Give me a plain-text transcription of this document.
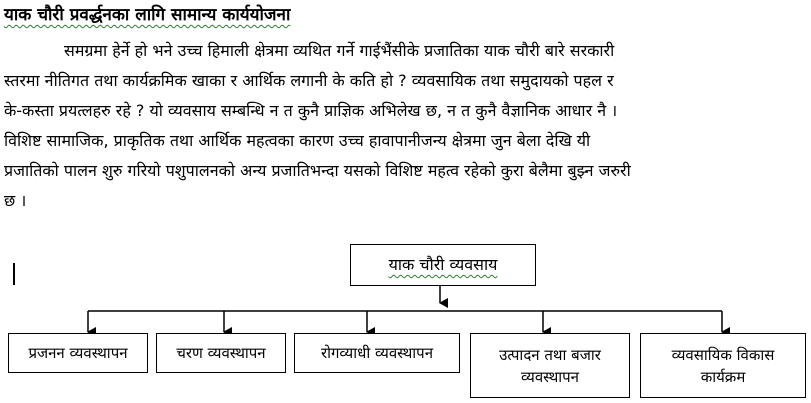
याक चौरी प्रवर्द्धनका लागि सामान्य कार्ययोजना
समग्रमा हेर्ने हो भने उच्च हिमाली क्षेत्रमा व्यथित गर्ने गाईभैंसीके प्रजातिका याक चौरी बारे सरकारी
स्तरमा नीतिगत तथा कार्यक्रमिक खाका र आर्थिक लगानी के कति हो ? व्यवसायिक तथा समुदायको पहल र
के-कस्ता प्रयत्लहरु रहे ? यो व्यवसाय सम्बन्धि न त कुनै प्राज्ञिक अभिलेख छ, न त कुनै वैज्ञानिक आधार नै ।
विशिष्ट सामाजिक, प्राकृतिक तथा आर्थिक महत्वका कारण उच्च हावापानीजन्य क्षेत्रमा जुन बेला देखि यी
प्रजातिको पालन शुरु गरियो पशुपालनको अन्य प्रजातिभन्दा यसको विशिष्ट महत्व रहेको कुरा बेलैमा बुझ्न जरुरी
छ ।
याक चौरी व्यवसाय
प्रजनन व्यवस्थापन	चरण व्यवस्थापन	रोगव्याधी व्यवस्थापन	उत्पादन तथा बजार व्यवस्थापन
व्यवसायिक विकास कार्यक्रम
